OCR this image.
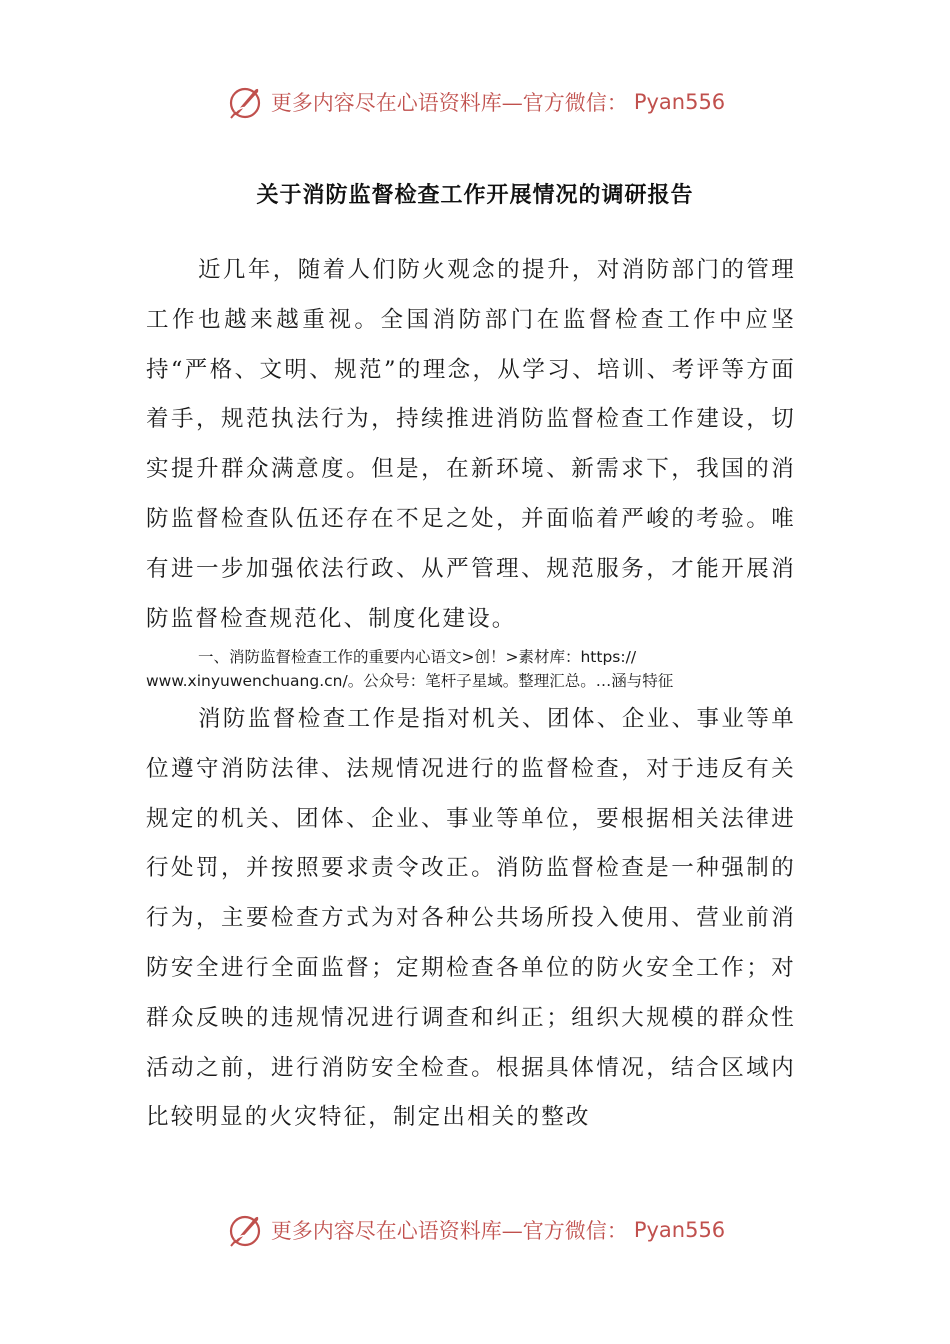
更多内容尽在心语资料库—官方微信： Pyan556
关于消防监督检查工作开展情况的调研报告

近几年，随着人们防火观念的提升，对消防部门的管理工作也越来越重视。全国消防部门在监督检查工作中应坚持“严格、文明、规范”的理念，从学习、培训、考评等方面着手，规范执法行为，持续推进消防监督检查工作建设，切实提升群众满意度。但是，在新环境、新需求下，我国的消防监督检查队伍还存在不足之处，并面临着严峻的考验。唯有进一步加强依法行政、从严管理、规范服务，才能开展消防监督检查规范化、制度化建设。

一、消防监督检查工作的重要内心语文>创！>素材库：https://
www.xinyuwenchuang.cn/。公众号：笔杆子星域。整理汇总。…涵与特征

消防监督检查工作是指对机关、团体、企业、事业等单位遵守消防法律、法规情况进行的监督检查，对于违反有关规定的机关、团体、企业、事业等单位，要根据相关法律进行处罚，并按照要求责令改正。消防监督检查是一种强制的行为，主要检查方式为对各种公共场所投入使用、营业前消防安全进行全面监督；定期检查各单位的防火安全工作；对群众反映的违规情况进行调查和纠正；组织大规模的群众性活动之前，进行消防安全检查。根据具体情况，结合区域内比较明显的火灾特征，制定出相关的整改

更多内容尽在心语资料库—官方微信： Pyan556
